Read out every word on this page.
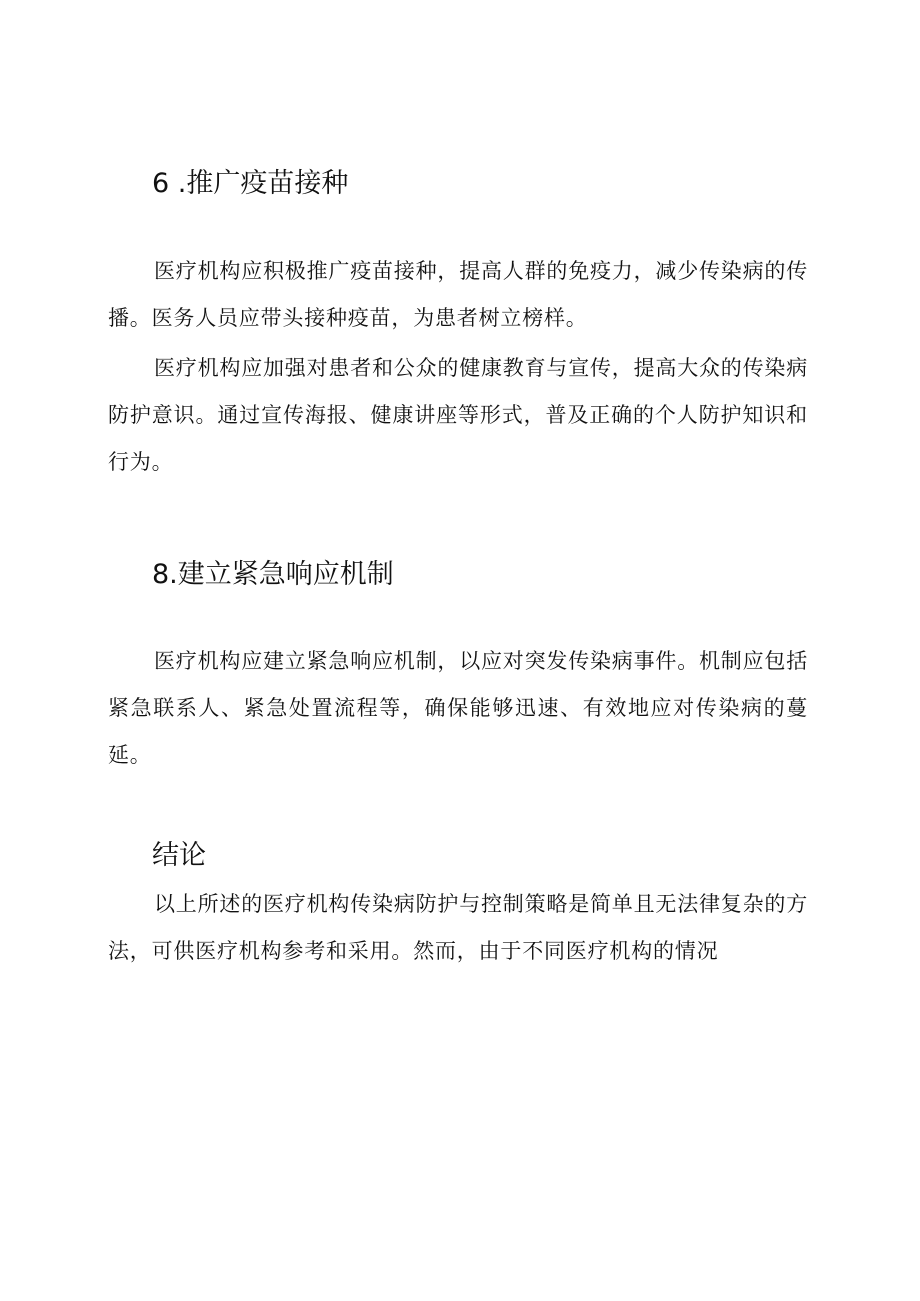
6 .推广疫苗接种

医疗机构应积极推广疫苗接种，提高人群的免疫力，减少传染病的传播。医务人员应带头接种疫苗，为患者树立榜样。

医疗机构应加强对患者和公众的健康教育与宣传，提高大众的传染病防护意识。通过宣传海报、健康讲座等形式，普及正确的个人防护知识和行为。

8.建立紧急响应机制

医疗机构应建立紧急响应机制，以应对突发传染病事件。机制应包括紧急联系人、紧急处置流程等，确保能够迅速、有效地应对传染病的蔓延。

结论

以上所述的医疗机构传染病防护与控制策略是简单且无法律复杂的方法，可供医疗机构参考和采用。然而，由于不同医疗机构的情况
